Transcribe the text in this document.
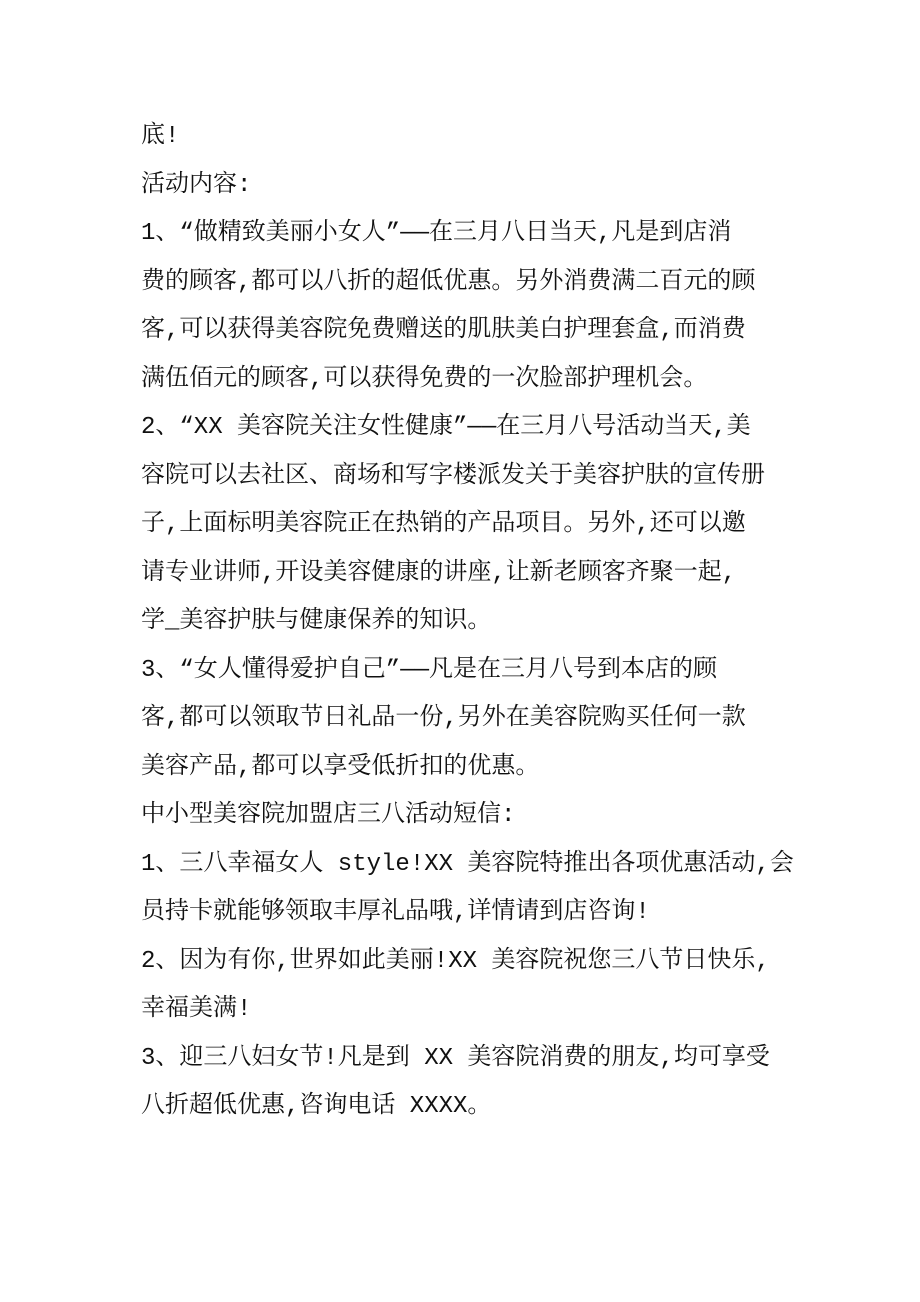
底!
活动内容:
1、“做精致美丽小女人”——在三月八日当天,凡是到店消
费的顾客,都可以八折的超低优惠。另外消费满二百元的顾
客,可以获得美容院免费赠送的肌肤美白护理套盒,而消费
满伍佰元的顾客,可以获得免费的一次脸部护理机会。
2、“XX 美容院关注女性健康”——在三月八号活动当天,美
容院可以去社区、商场和写字楼派发关于美容护肤的宣传册
子,上面标明美容院正在热销的产品项目。另外,还可以邀
请专业讲师,开设美容健康的讲座,让新老顾客齐聚一起,
学_美容护肤与健康保养的知识。
3、“女人懂得爱护自己”——凡是在三月八号到本店的顾
客,都可以领取节日礼品一份,另外在美容院购买任何一款
美容产品,都可以享受低折扣的优惠。
中小型美容院加盟店三八活动短信:
1、三八幸福女人 style!XX 美容院特推出各项优惠活动,会
员持卡就能够领取丰厚礼品哦,详情请到店咨询!
2、因为有你,世界如此美丽!XX 美容院祝您三八节日快乐,
幸福美满!
3、迎三八妇女节!凡是到 XX 美容院消费的朋友,均可享受
八折超低优惠,咨询电话 XXXX。
